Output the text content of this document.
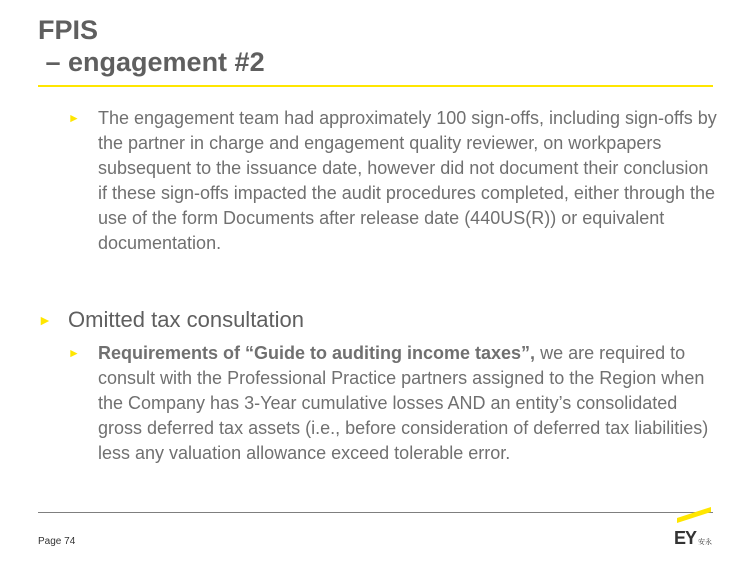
FPIS
– engagement #2
►	The engagement team had approximately 100 sign-offs, including sign-offs by the partner in charge and engagement quality reviewer, on workpapers subsequent to the issuance date, however did not document their conclusion if these sign-offs impacted the audit procedures completed, either through the use of the form Documents after release date (440US(R)) or equivalent documentation.

► Omitted tax consultation

►	Requirements of “Guide to auditing income taxes”, we are required to consult with the Professional Practice partners assigned to the Region when the Company has 3-Year cumulative losses AND an entity’s consolidated gross deferred tax assets (i.e., before consideration of deferred tax liabilities) less any valuation allowance exceed tolerable error.

Page 74	EY 安永
